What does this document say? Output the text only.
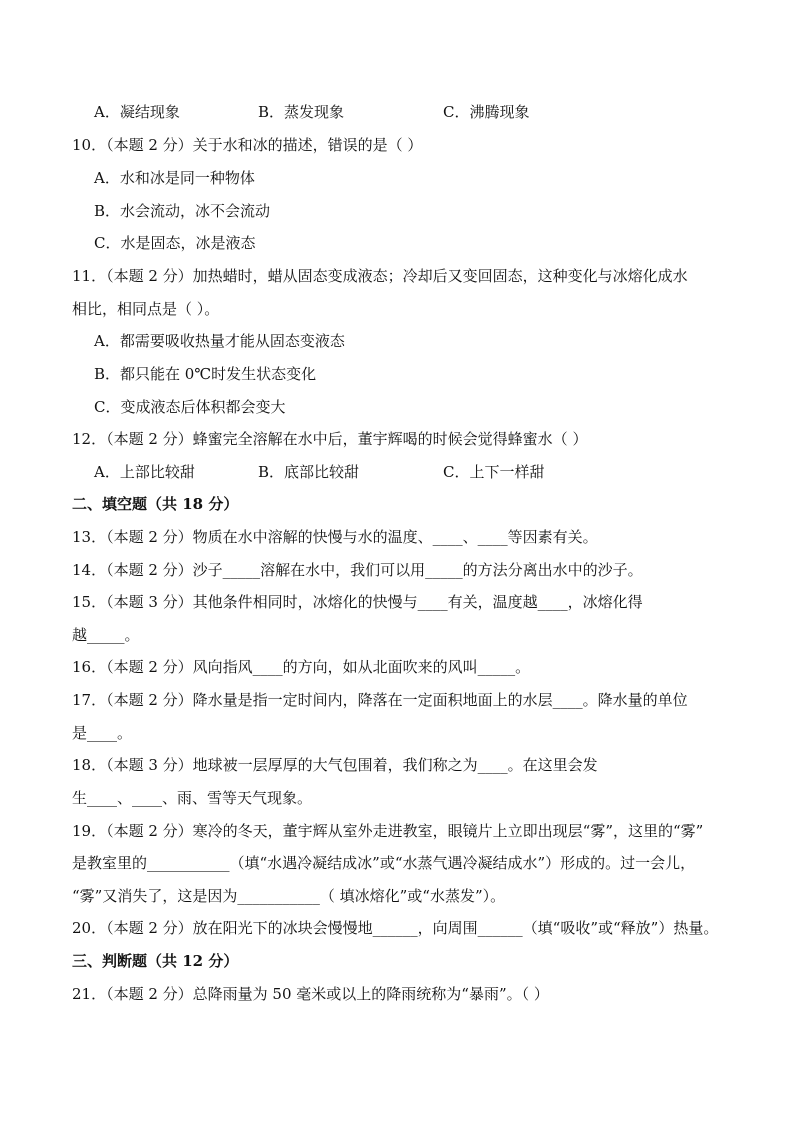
A．凝结现象	B．蒸发现象	C．沸腾现象
10．（本题 2 分）关于水和冰的描述，错误的是（ ）
A．水和冰是同一种物体
B．水会流动，冰不会流动
C．水是固态，冰是液态
11．（本题 2 分）加热蜡时，蜡从固态变成液态；冷却后又变回固态，这种变化与冰熔化成水
相比，相同点是（ ）。
A．都需要吸收热量才能从固态变液态
B．都只能在 0℃时发生状态变化
C．变成液态后体积都会变大
12．（本题 2 分）蜂蜜完全溶解在水中后，董宇辉喝的时候会觉得蜂蜜水（ ）
A．上部比较甜	B．底部比较甜	C．上下一样甜
二、填空题（共 18 分）
13．（本题 2 分）物质在水中溶解的快慢与水的温度、____、____等因素有关。
14．（本题 2 分）沙子_____溶解在水中，我们可以用_____的方法分离出水中的沙子。
15．（本题 3 分）其他条件相同时，冰熔化的快慢与____有关，温度越____，冰熔化得
越_____。
16．（本题 2 分）风向指风____的方向，如从北面吹来的风叫_____。
17．（本题 2 分）降水量是指一定时间内，降落在一定面积地面上的水层____。降水量的单位
是____。
18．（本题 3 分）地球被一层厚厚的大气包围着，我们称之为____。在这里会发
生____、____、雨、雪等天气现象。
19．（本题 2 分）寒冷的冬天，董宇辉从室外走进教室，眼镜片上立即出现层“雾”，这里的“雾”
是教室里的___________（填“水遇冷凝结成冰”或“水蒸气遇冷凝结成水”）形成的。过一会儿，
“雾”又消失了，这是因为___________（ 填冰熔化”或“水蒸发”）。
20．（本题 2 分）放在阳光下的冰块会慢慢地______，向周围______（填“吸收”或“释放”）热量。
三、判断题（共 12 分）
21．（本题 2 分）总降雨量为 50 毫米或以上的降雨统称为“暴雨”。（ ）
